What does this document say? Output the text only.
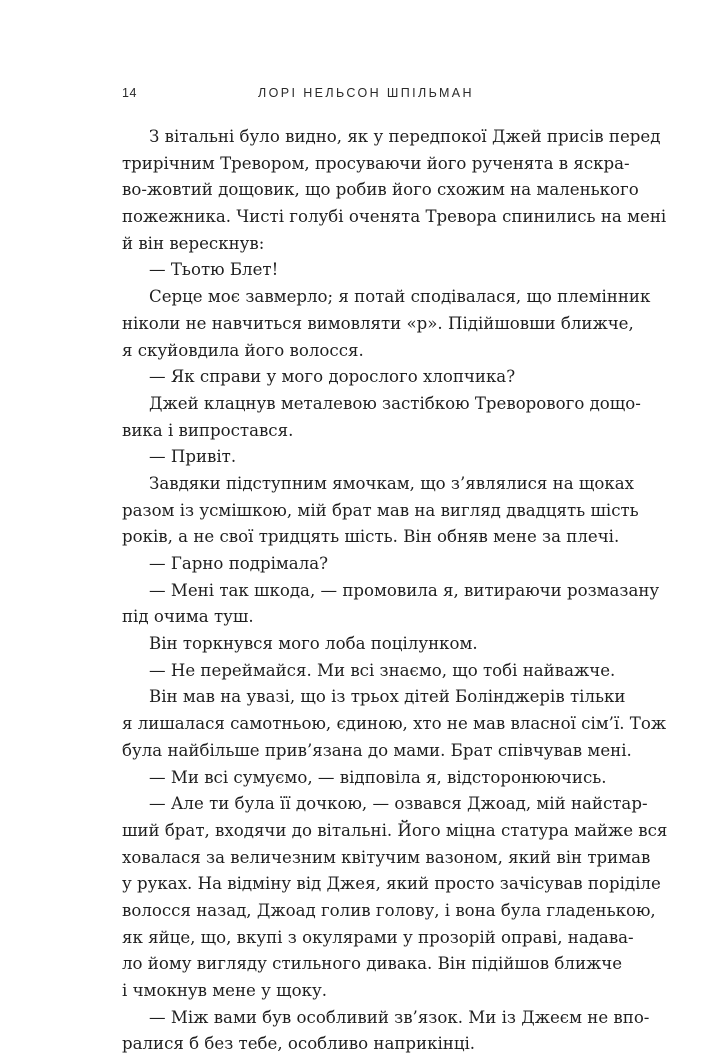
14	ЛОРІ НЕЛЬСОН ШПІЛЬМАН
З вітальні було видно, як у передпокої Джей присів перед
трирічним Тревором, просуваючи його рученята в яскра-
во-жовтий дощовик, що робив його схожим на маленького
пожежника. Чисті голубі оченята Тревора спинились на мені
й він верескнув:
— Тьотю Блет!
Серце моє завмерло; я потай сподівалася, що племінник
ніколи не навчиться вимовляти «р». Підійшовши ближче,
я скуйовдила його волосся.
— Як справи у мого дорослого хлопчика?
Джей клацнув металевою застібкою Треворового дощо-
вика і випростався.
— Привіт.
Завдяки підступним ямочкам, що з’являлися на щоках
разом із усмішкою, мій брат мав на вигляд двадцять шість
років, а не свої тридцять шість. Він обняв мене за плечі.
— Гарно подрімала?
— Мені так шкода, — промовила я, витираючи розмазану
під очима туш.
Він торкнувся мого лоба поцілунком.
— Не переймайся. Ми всі знаємо, що тобі найважче.
Він мав на увазі, що із трьох дітей Болінджерів тільки
я лишалася самотньою, єдиною, хто не мав власної сім’ї. Тож
була найбільше прив’язана до мами. Брат співчував мені.
— Ми всі сумуємо, — відповіла я, відсторонюючись.
— Але ти була її дочкою, — озвався Джоад, мій найстар-
ший брат, входячи до вітальні. Його міцна статура майже вся
ховалася за величезним квітучим вазоном, який він тримав
у руках. На відміну від Джея, який просто зачісував поріділе
волосся назад, Джоад голив голову, і вона була гладенькою,
як яйце, що, вкупі з окулярами у прозорій оправі, надава-
ло йому вигляду стильного дивака. Він підійшов ближче
і чмокнув мене у щоку.
— Між вами був особливий зв’язок. Ми із Джеєм не впо-
ралися б без тебе, особливо наприкінці.
